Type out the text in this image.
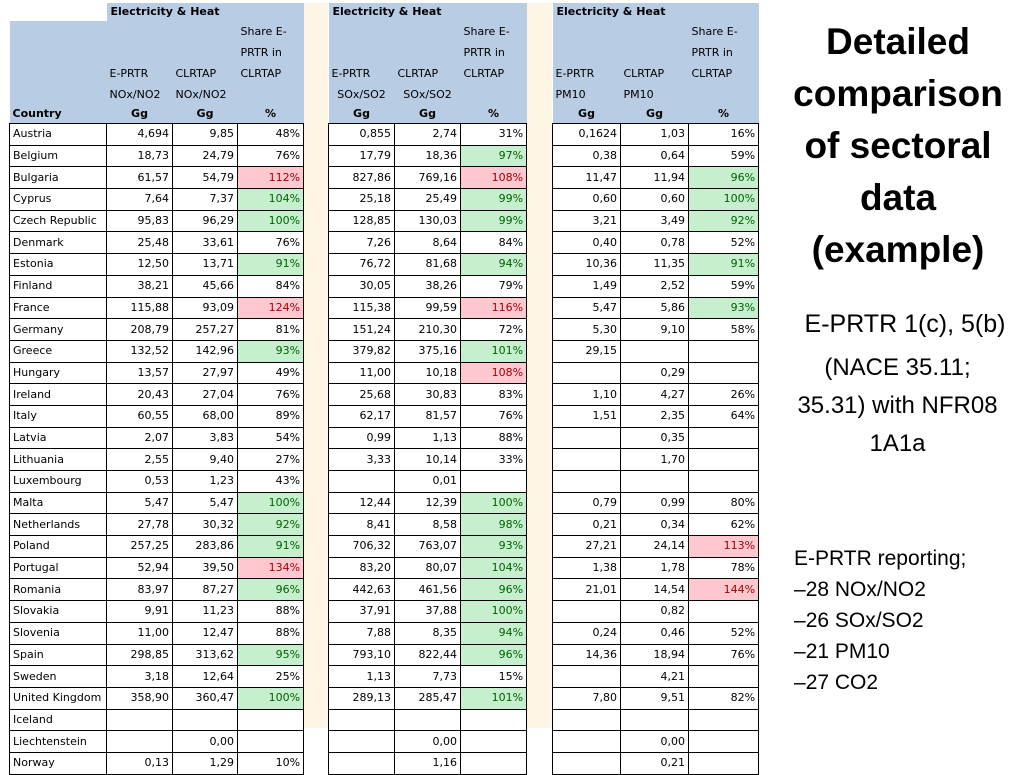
	Electricity & Heat		
			Share E-
			PRTR in
	E-PRTR	CLRTAP	CLRTAP
	NOx/NO2	NOx/NO2	
Country	Gg	Gg	%
Austria	4,694	9,85	48%
Belgium	18,73	24,79	76%
Bulgaria	61,57	54,79	112%
Cyprus	7,64	7,37	104%
Czech Republic	95,83	96,29	100%
Denmark	25,48	33,61	76%
Estonia	12,50	13,71	91%
Finland	38,21	45,66	84%
France	115,88	93,09	124%
Germany	208,79	257,27	81%
Greece	132,52	142,96	93%
Hungary	13,57	27,97	49%
Ireland	20,43	27,04	76%
Italy	60,55	68,00	89%
Latvia	2,07	3,83	54%
Lithuania	2,55	9,40	27%
Luxembourg	0,53	1,23	43%
Malta	5,47	5,47	100%
Netherlands	27,78	30,32	92%
Poland	257,25	283,86	91%
Portugal	52,94	39,50	134%
Romania	83,97	87,27	96%
Slovakia	9,91	11,23	88%
Slovenia	11,00	12,47	88%
Spain	298,85	313,62	95%
Sweden	3,18	12,64	25%
United Kingdom	358,90	360,47	100%
Iceland			
Liechtenstein		0,00	
Norway	0,13	1,29	10%
Electricity & Heat		
		Share E-
		PRTR in
E-PRTR	CLRTAP	CLRTAP
SOx/SO2	SOx/SO2	
Gg	Gg	%
0,855	2,74	31%
17,79	18,36	97%
827,86	769,16	108%
25,18	25,49	99%
128,85	130,03	99%
7,26	8,64	84%
76,72	81,68	94%
30,05	38,26	79%
115,38	99,59	116%
151,24	210,30	72%
379,82	375,16	101%
11,00	10,18	108%
25,68	30,83	83%
62,17	81,57	76%
0,99	1,13	88%
3,33	10,14	33%
	0,01	
12,44	12,39	100%
8,41	8,58	98%
706,32	763,07	93%
83,20	80,07	104%
442,63	461,56	96%
37,91	37,88	100%
7,88	8,35	94%
793,10	822,44	96%
1,13	7,73	15%
289,13	285,47	101%

	0,00	
	1,16	
Electricity & Heat		
		Share E-
		PRTR in
E-PRTR	CLRTAP	CLRTAP
PM10	PM10	
Gg	Gg	%
0,1624	1,03	16%
0,38	0,64	59%
11,47	11,94	96%
0,60	0,60	100%
3,21	3,49	92%
0,40	0,78	52%
10,36	11,35	91%
1,49	2,52	59%
5,47	5,86	93%
5,30	9,10	58%
29,15		
	0,29	
1,10	4,27	26%
1,51	2,35	64%
	0,35	
	1,70	

0,79	0,99	80%
0,21	0,34	62%
27,21	24,14	113%
1,38	1,78	78%
21,01	14,54	144%
	0,82	
0,24	0,46	52%
14,36	18,94	76%
	4,21	
7,80	9,51	82%

	0,00	
	0,21	
Detailed
comparison
of sectoral
data
(example)
E-PRTR 1(c), 5(b)
(NACE 35.11;
35.31) with NFR08
1A1a
E-PRTR reporting;
–28 NOx/NO2
–26 SOx/SO2
–21 PM10
–27 CO2
